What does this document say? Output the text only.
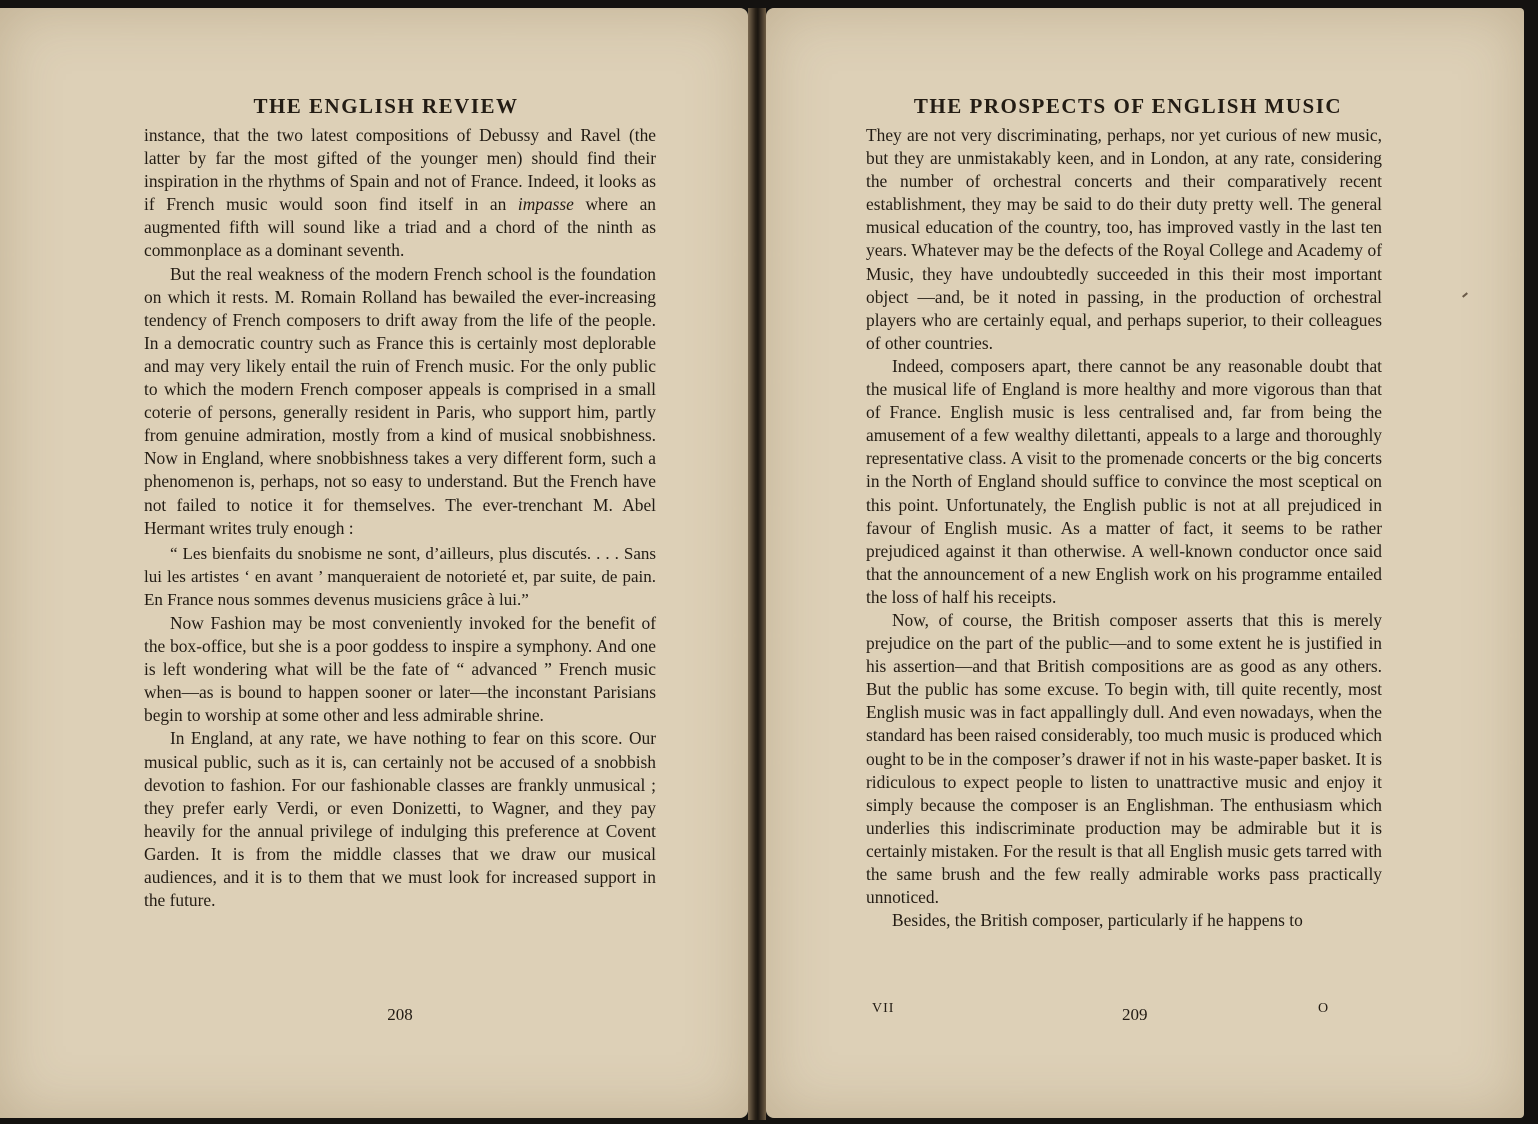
THE ENGLISH REVIEW

instance, that the two latest compositions of Debussy and Ravel (the latter by far the most gifted of the younger men) should find their inspiration in the rhythms of Spain and not of France. Indeed, it looks as if French music would soon find itself in an impasse where an augmented fifth will sound like a triad and a chord of the ninth as commonplace as a dominant seventh.

But the real weakness of the modern French school is the foundation on which it rests. M. Romain Rolland has bewailed the ever-increasing tendency of French composers to drift away from the life of the people. In a democratic country such as France this is certainly most deplorable and may very likely entail the ruin of French music. For the only public to which the modern French composer appeals is comprised in a small coterie of persons, generally resident in Paris, who support him, partly from genuine admiration, mostly from a kind of musical snobbishness. Now in England, where snobbishness takes a very different form, such a phenomenon is, perhaps, not so easy to understand. But the French have not failed to notice it for themselves. The ever-trenchant M. Abel Hermant writes truly enough :

“ Les bienfaits du snobisme ne sont, d’ailleurs, plus discutés. . . . Sans lui les artistes ‘ en avant ’ manqueraient de notorieté et, par suite, de pain. En France nous sommes devenus musiciens grâce à lui.”

Now Fashion may be most conveniently invoked for the benefit of the box-office, but she is a poor goddess to inspire a symphony. And one is left wondering what will be the fate of “ advanced ” French music when—as is bound to happen sooner or later—the inconstant Parisians begin to worship at some other and less admirable shrine.

In England, at any rate, we have nothing to fear on this score. Our musical public, such as it is, can certainly not be accused of a snobbish devotion to fashion. For our fashionable classes are frankly unmusical ; they prefer early Verdi, or even Donizetti, to Wagner, and they pay heavily for the annual privilege of indulging this preference at Covent Garden. It is from the middle classes that we draw our musical audiences, and it is to them that we must look for increased support in the future.

208
THE PROSPECTS OF ENGLISH MUSIC

They are not very discriminating, perhaps, nor yet curious of new music, but they are unmistakably keen, and in London, at any rate, considering the number of orchestral concerts and their comparatively recent establishment, they may be said to do their duty pretty well. The general musical education of the country, too, has improved vastly in the last ten years. Whatever may be the defects of the Royal College and Academy of Music, they have undoubtedly succeeded in this their most important object —and, be it noted in passing, in the production of orchestral players who are certainly equal, and perhaps superior, to their colleagues of other countries.

Indeed, composers apart, there cannot be any reasonable doubt that the musical life of England is more healthy and more vigorous than that of France. English music is less centralised and, far from being the amusement of a few wealthy dilettanti, appeals to a large and thoroughly representative class. A visit to the promenade concerts or the big concerts in the North of England should suffice to convince the most sceptical on this point. Unfortunately, the English public is not at all prejudiced in favour of English music. As a matter of fact, it seems to be rather prejudiced against it than otherwise. A well-known conductor once said that the announcement of a new English work on his programme entailed the loss of half his receipts.

Now, of course, the British composer asserts that this is merely prejudice on the part of the public—and to some extent he is justified in his assertion—and that British compositions are as good as any others. But the public has some excuse. To begin with, till quite recently, most English music was in fact appallingly dull. And even nowadays, when the standard has been raised considerably, too much music is produced which ought to be in the composer’s drawer if not in his waste-paper basket. It is ridiculous to expect people to listen to unattractive music and enjoy it simply because the composer is an Englishman. The enthusiasm which underlies this indiscriminate production may be admirable but it is certainly mistaken. For the result is that all English music gets tarred with the same brush and the few really admirable works pass practically unnoticed.

Besides, the British composer, particularly if he happens to

VII	209	O
